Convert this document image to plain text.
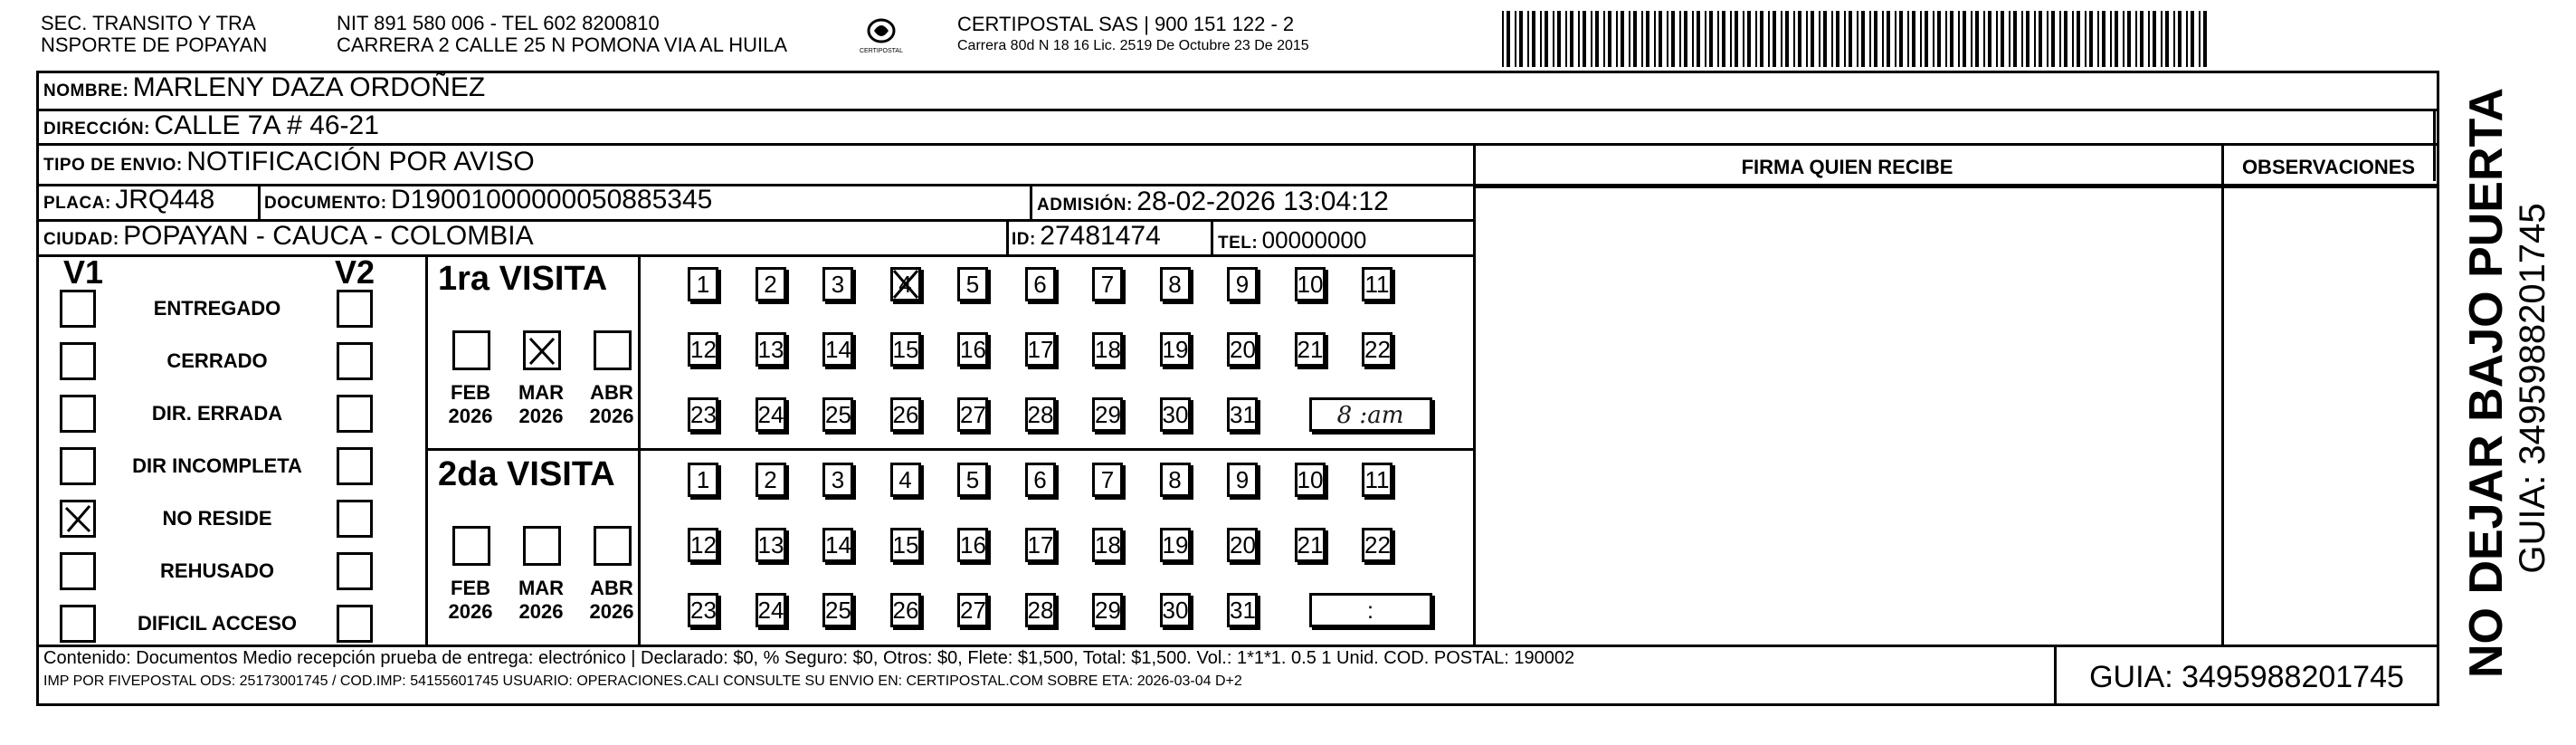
SEC. TRANSITO Y TRA
NSPORTE DE POPAYAN
NIT 891 580 006 - TEL 602 8200810
CARRERA 2 CALLE 25 N POMONA VIA AL HUILA	CERTIPOSTAL
CERTIPOSTAL SAS | 900 151 122 - 2
Carrera 80d N 18 16 Lic. 2519 De Octubre 23 De 2015
NOMBRE: MARLENY DAZA ORDOÑEZ
DIRECCIÓN: CALLE 7A # 46-21
TIPO DE ENVIO: NOTIFICACIÓN POR AVISO
PLACA: JRQ448	DOCUMENTO: D19001000000050885345	ADMISIÓN: 28-02-2026 13:04:12
CIUDAD: POPAYAN - CAUCA - COLOMBIA	ID: 27481474	TEL: 00000000
FIRMA QUIEN RECIBE	OBSERVACIONES
V1	V2
ENTREGADO
CERRADO
DIR. ERRADA
DIR INCOMPLETA
NO RESIDE
REHUSADO
DIFICIL ACCESO
1ra VISITA
FEB
2026
MAR
2026
ABR
2026
1	2	3	4	5	6	7	8	9	10 11
12 13 14 15 16 17 18 19 20 21 22
23 24 25 26 27 28 29 30 31	8 :am
2da VISITA
FEB
2026
MAR
2026
ABR
2026
1	2	3	4	5	6	7	8	9	10 11
12 13 14 15 16 17 18 19 20 21 22
23 24 25 26 27 28 29 30 31	:
Contenido: Documentos Medio recepción prueba de entrega: electrónico | Declarado: $0, % Seguro: $0, Otros: $0, Flete: $1,500, Total: $1,500. Vol.: 1*1*1. 0.5 1 Unid. COD. POSTAL: 190002
IMP POR FIVEPOSTAL ODS: 25173001745 / COD.IMP: 54155601745 USUARIO: OPERACIONES.CALI CONSULTE SU ENVIO EN: CERTIPOSTAL.COM SOBRE ETA: 2026-03-04 D+2	GUIA: 3495988201745	NO DEJAR BAJO PUERTA GUIA: 3495988201745
